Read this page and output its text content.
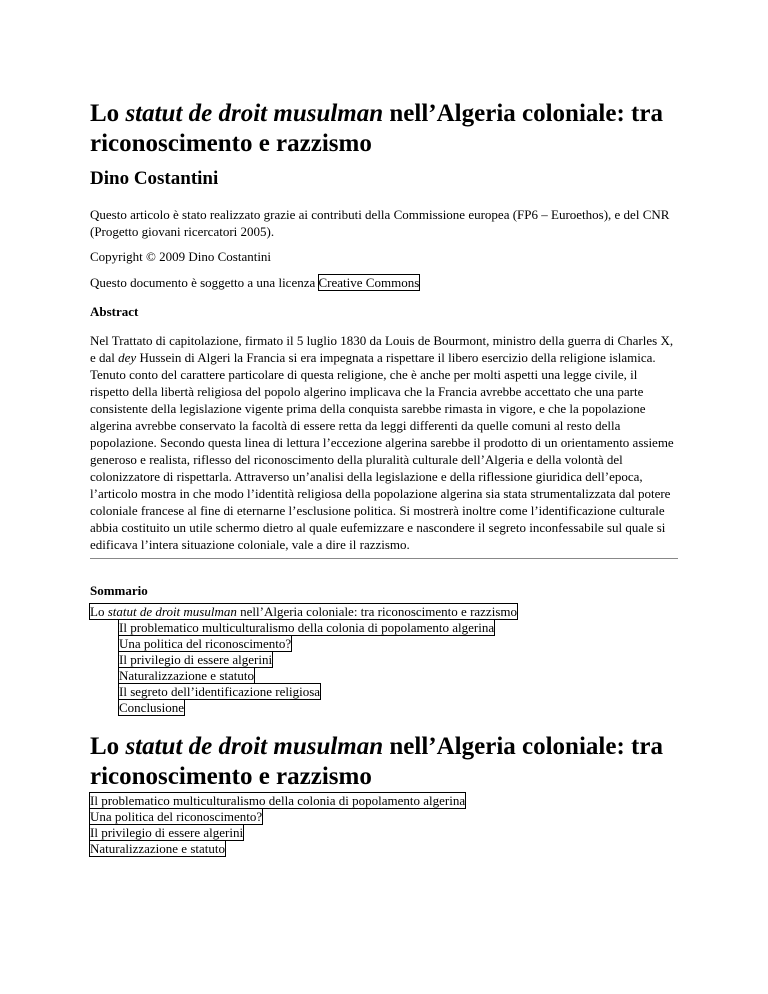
Lo statut de droit musulman nell’Algeria coloniale: tra riconoscimento e razzismo
Dino Costantini
Questo articolo è stato realizzato grazie ai contributi della Commissione europea (FP6 – Euroethos), e del CNR (Progetto giovani ricercatori 2005).
Copyright © 2009 Dino Costantini
Questo documento è soggetto a una licenza Creative Commons
Abstract
Nel Trattato di capitolazione, firmato il 5 luglio 1830 da Louis de Bourmont, ministro della guerra di Charles X, e dal dey Hussein di Algeri la Francia si era impegnata a rispettare il libero esercizio della religione islamica. Tenuto conto del carattere particolare di questa religione, che è anche per molti aspetti una legge civile, il rispetto della libertà religiosa del popolo algerino implicava che la Francia avrebbe accettato che una parte consistente della legislazione vigente prima della conquista sarebbe rimasta in vigore, e che la popolazione algerina avrebbe conservato la facoltà di essere retta da leggi differenti da quelle comuni al resto della popolazione. Secondo questa linea di lettura l’eccezione algerina sarebbe il prodotto di un orientamento assieme generoso e realista, riflesso del riconoscimento della pluralità culturale dell’Algeria e della volontà del colonizzatore di rispettarla. Attraverso un’analisi della legislazione e della riflessione giuridica dell’epoca, l’articolo mostra in che modo l’identità religiosa della popolazione algerina sia stata strumentalizzata dal potere coloniale francese al fine di eternarne l’esclusione politica. Si mostrerà inoltre come l’identificazione culturale abbia costituito un utile schermo dietro al quale eufemizzare e nascondere il segreto inconfessabile sul quale si edificava l’intera situazione coloniale, vale a dire il razzismo.
Sommario
Lo statut de droit musulman nell’Algeria coloniale: tra riconoscimento e razzismo
Il problematico multiculturalismo della colonia di popolamento algerina
Una politica del riconoscimento?
Il privilegio di essere algerini
Naturalizzazione e statuto
Il segreto dell’identificazione religiosa
Conclusione
Lo statut de droit musulman nell’Algeria coloniale: tra riconoscimento e razzismo
Il problematico multiculturalismo della colonia di popolamento algerina
Una politica del riconoscimento?
Il privilegio di essere algerini
Naturalizzazione e statuto
